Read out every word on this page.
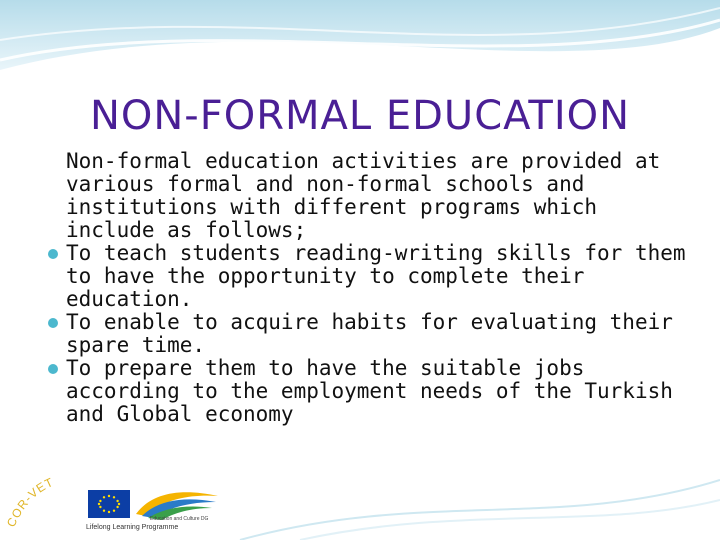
NON-FORMAL EDUCATION

Non-formal education activities are provided at various formal and non-formal schools and institutions with different programs which include as follows;

To teach students reading-writing skills for them to have the opportunity to complete their education.
To enable to acquire habits for evaluating their spare time.
To prepare them to have the suitable jobs according to the employment needs of the Turkish and Global economy
COR-VET
Education and Culture DG
Lifelong Learning Programme
